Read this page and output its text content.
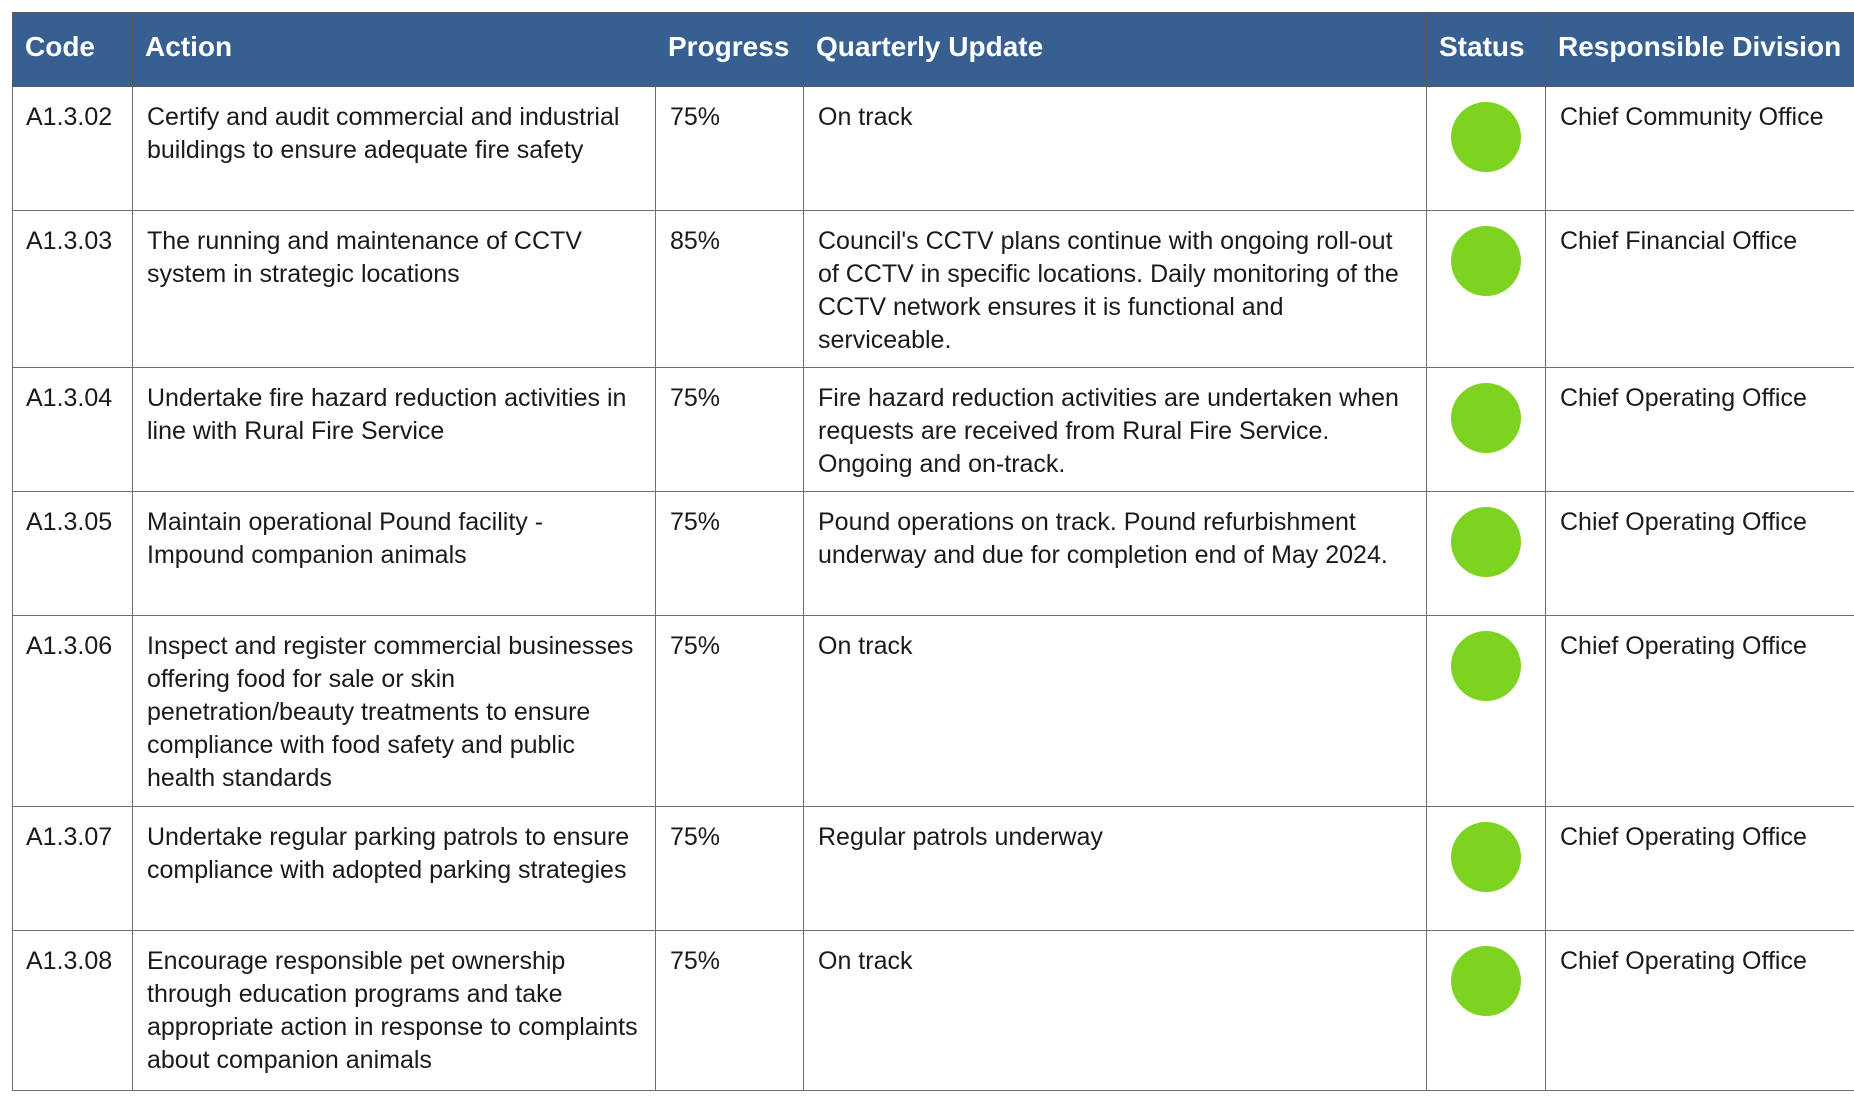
Code	Action	Progress	Quarterly Update	Status	Responsible Division
A1.3.02	Certify and audit commercial and industrial buildings to ensure adequate fire safety	75%	On track		Chief Community Office
A1.3.03	The running and maintenance of CCTV system in strategic locations	85%	Council's CCTV plans continue with ongoing roll-out of CCTV in specific locations. Daily monitoring of the CCTV network ensures it is functional and serviceable.		Chief Financial Office
A1.3.04	Undertake fire hazard reduction activities in line with Rural Fire Service	75%	Fire hazard reduction activities are undertaken when requests are received from Rural Fire Service. Ongoing and on-track.		Chief Operating Office
A1.3.05	Maintain operational Pound facility - Impound companion animals	75%	Pound operations on track. Pound refurbishment underway and due for completion end of May 2024.		Chief Operating Office
A1.3.06	Inspect and register commercial businesses offering food for sale or skin penetration/beauty treatments to ensure compliance with food safety and public health standards	75%	On track		Chief Operating Office
A1.3.07	Undertake regular parking patrols to ensure compliance with adopted parking strategies	75%	Regular patrols underway		Chief Operating Office
A1.3.08	Encourage responsible pet ownership through education programs and take appropriate action in response to complaints about companion animals	75%	On track		Chief Operating Office
